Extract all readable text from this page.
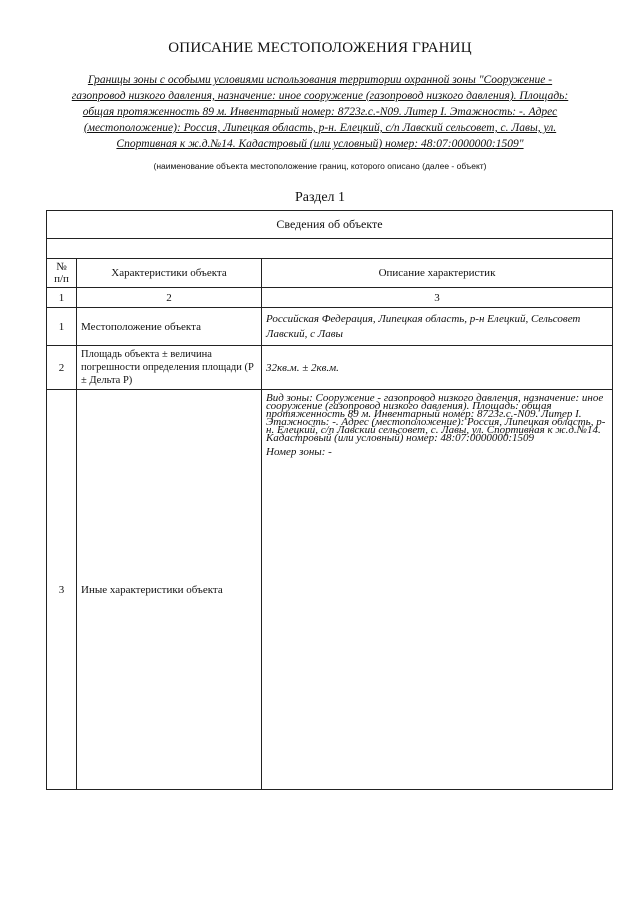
ОПИСАНИЕ МЕСТОПОЛОЖЕНИЯ ГРАНИЦ
Границы зоны с особыми условиями использования территории охранной зоны "Сооружение - газопровод низкого давления, назначение: иное сооружение (газопровод низкого давления). Площадь: общая протяженность 89 м. Инвентарный номер: 8723г.с.-N09. Литер I. Этажность: -. Адрес (местоположение): Россия, Липецкая область, р-н. Елецкий, с/п Лавский сельсовет, с. Лавы, ул. Спортивная к ж.д.№14. Кадастровый (или условный) номер: 48:07:0000000:1509"
(наименование объекта местоположение границ, которого описано (далее - объект)
Раздел 1
Сведения об объекте		

№ п/п	Характеристики объекта	Описание характеристик
1	2	3
1	Местоположение объекта	Российская Федерация, Липецкая область, р-н Елецкий, Сельсовет Лавский, с Лавы
2	Площадь объекта ± величина погрешности определения площади (P ± Дельта P)	32кв.м. ± 2кв.м.
3	Иные характеристики объекта	Вид зоны: Сооружение - газопровод низкого давления, назначение: иное сооружение (газопровод низкого давления). Площадь: общая протяженность 89 м. Инвентарный номер: 8723г.с.-N09. Литер I. Этажность: -. Адрес (местоположение): Россия, Липецкая область, р-н. Елецкий, с/п Лавский сельсовет, с. Лавы, ул. Спортивная к ж.д.№14. Кадастровый (или условный) номер: 48:07:0000000:1509

Номер зоны: -
